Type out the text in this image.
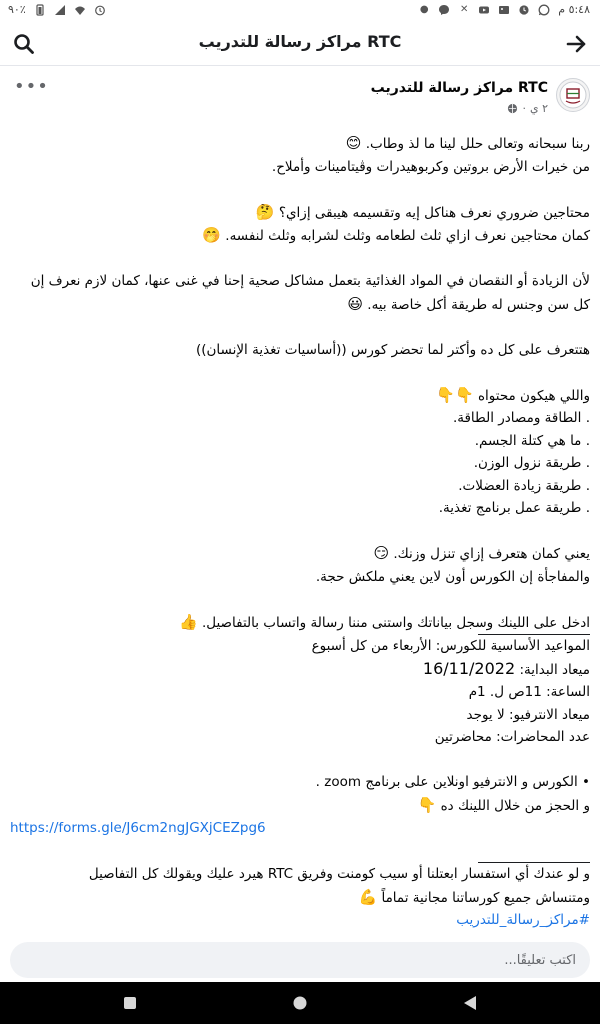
٩٠٪	●	✕	٥:٤٨ م
مراكز رسالة للتدريب RTC
RTC مراكز رسالة للتدريب
٢ ي
·
•••
ربنا سبحانه وتعالى حلل لينا ما لذ وطاب. 😊
من خيرات الأرض بروتين وكربوهيدرات وڤيتامينات وأملاح.
محتاجين ضروري نعرف هناكل إيه وتقسيمه هيبقى إزاي؟ 🤔
كمان محتاجين نعرف ازاي ثلث لطعامه وثلث لشرابه وثلث لنفسه. 🤭
لأن الزيادة أو النقصان في المواد الغذائية بتعمل مشاكل صحية إحنا في غنى عنها، كمان لازم نعرف إن كل سن وجنس له طريقة أكل خاصة بيه. 😃
هتتعرف على كل ده وأكتر لما تحضر كورس ((أساسيات تغذية الإنسان))
واللي هيكون محتواه 👇👇
. الطاقة ومصادر الطاقة.
. ما هي كتلة الجسم.
. طريقة نزول الوزن.
. طريقة زيادة العضلات.
. طريقة عمل برنامج تغذية.
يعني كمان هتعرف إزاي تنزل وزنك. 😏
والمفاجأة إن الكورس أون لاين يعني ملكش حجة.
ادخل على اللينك وسجل بياناتك واستنى مننا رسالة واتساب بالتفاصيل. 👍
المواعيد الأساسية للكورس: الأربعاء من كل أسبوع
ميعاد البداية: 16/11/2022
الساعة: 11ص ل. 1م
ميعاد الانترفيو: لا يوجد
عدد المحاضرات: محاضرتين
• الكورس و الانترفيو اونلاين على برنامج zoom .
و الحجز من خلال اللينك ده 👇
https://forms.gle/J6cm2ngJGXjCEZpg6
و لو عندك أي استفسار ابعتلنا أو سيب كومنت وفريق RTC هيرد عليك ويقولك كل التفاصيل
ومتنساش جميع كورساتنا مجانية تماماً 💪
#مراكز_رسالة_للتدريب
اكتب تعليقًا...
